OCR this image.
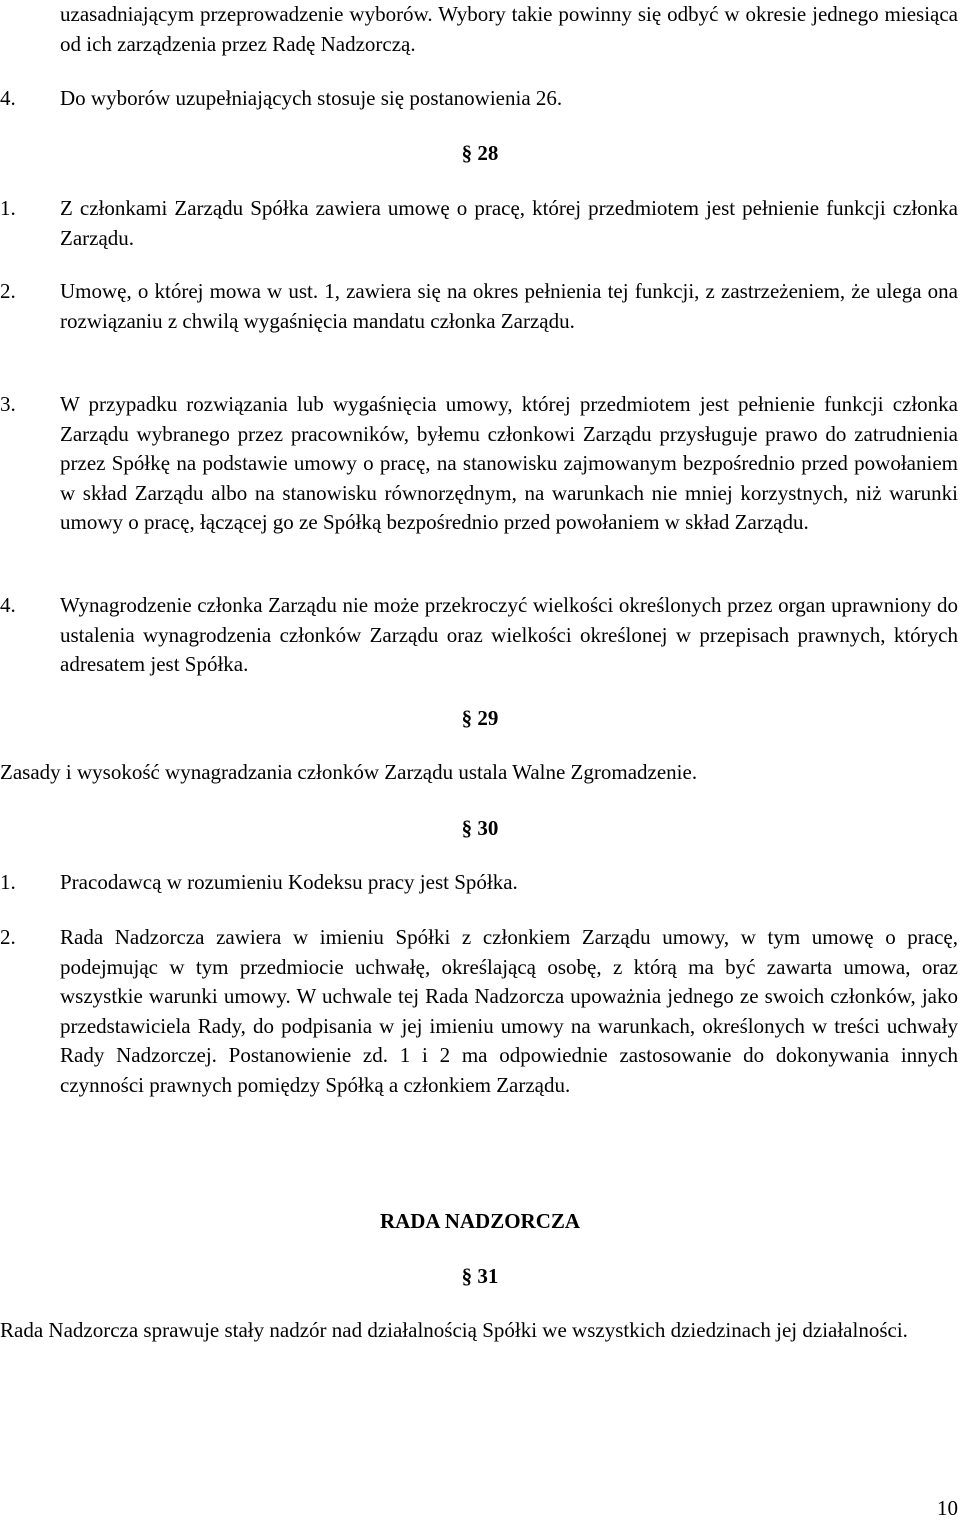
uzasadniającym przeprowadzenie wyborów. Wybory takie powinny się odbyć w okresie jednego miesiąca od ich zarządzenia przez Radę Nadzorczą.

4. Do wyborów uzupełniających stosuje się postanowienia 26.
§ 28
1. Z członkami Zarządu Spółka zawiera umowę o pracę, której przedmiotem jest pełnienie funkcji członka Zarządu.
2. Umowę, o której mowa w ust. 1, zawiera się na okres pełnienia tej funkcji, z zastrzeżeniem, że ulega ona rozwiązaniu z chwilą wygaśnięcia mandatu członka Zarządu.
3. W przypadku rozwiązania lub wygaśnięcia umowy, której przedmiotem jest pełnienie funkcji członka Zarządu wybranego przez pracowników, byłemu członkowi Zarządu przysługuje prawo do zatrudnienia przez Spółkę na podstawie umowy o pracę, na stanowisku zajmowanym bezpośrednio przed powołaniem w skład Zarządu albo na stanowisku równorzędnym, na warunkach nie mniej korzystnych, niż warunki umowy o pracę, łączącej go ze Spółką bezpośrednio przed powołaniem w skład Zarządu.
4. Wynagrodzenie członka Zarządu nie może przekroczyć wielkości określonych przez organ uprawniony do ustalenia wynagrodzenia członków Zarządu oraz wielkości określonej w przepisach prawnych, których adresatem jest Spółka.
§ 29

Zasady i wysokość wynagradzania członków Zarządu ustala Walne Zgromadzenie.

§ 30
1. Pracodawcą w rozumieniu Kodeksu pracy jest Spółka.
2. Rada Nadzorcza zawiera w imieniu Spółki z członkiem Zarządu umowy, w tym umowę o pracę, podejmując w tym przedmiocie uchwałę, określającą osobę, z którą ma być zawarta umowa, oraz wszystkie warunki umowy. W uchwale tej Rada Nadzorcza upoważnia jednego ze swoich członków, jako przedstawiciela Rady, do podpisania w jej imieniu umowy na warunkach, określonych w treści uchwały Rady Nadzorczej. Postanowienie zd. 1 i 2 ma odpowiednie zastosowanie do dokonywania innych czynności prawnych pomiędzy Spółką a członkiem Zarządu.
RADA NADZORCZA
§ 31

Rada Nadzorcza sprawuje stały nadzór nad działalnością Spółki we wszystkich dziedzinach jej działalności.

10
